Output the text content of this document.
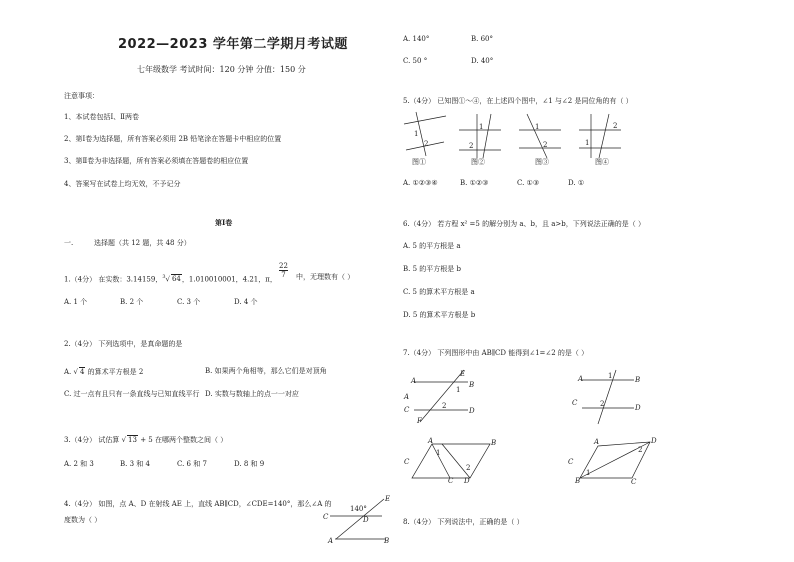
2022—2023 学年第二学期月考试题
七年级数学 考试时间：120 分钟 分值：150 分
注意事项：
1、本试卷包括Ⅰ、Ⅱ两卷
2、第Ⅰ卷为选择题，所有答案必须用 2B 铅笔涂在答题卡中相应的位置
3、第Ⅱ卷为非选择题，所有答案必须填在答题卷的相应位置
4、答案写在试卷上均无效，不予记分
第Ⅰ卷
一.	选择题（共 12 题，共 48 分）
1.（4分） 在实数：3.14159，$^3$√ 64，1.010010001，4.21，π，
$\frac{22}{7}$ 中，无理数有（ ）
A. 1 个	B. 2 个	C. 3 个	D. 4 个
2.（4分） 下列选项中，是真命题的是
A. √ 4 的算术平方根是 2	B. 如果两个角相等，那么它们是对顶角
C. 过一点有且只有一条直线与已知直线平行 D. 实数与数轴上的点一一对应
3.（4分） 试估算 √ 13 + 5 在哪两个整数之间（ ）
A. 2 和 3	B. 3 和 4	C. 6 和 7	D. 8 和 9
4.（4分） 如图，点 A、D 在射线 AE 上，直线 AB∥CD，∠CDE=140°，那么∠A 的
度数为（ ）	C	D
E
A	B
140°
A. 140°	B. 60°
C. 50 °	D. 40°
5.（4分） 已知图①～④，在上述四个图中，∠1 与∠2 是同位角的有（ ）
1
2
图①
1
2
图②
1
2
图③
2
1
图④
A. ①②③④	B. ①②③	C. ①③	D. ①
6.（4分） 若方程 x² =5 的解分别为 a、b，且 a>b，下列说法正确的是（ ）
A. 5 的平方根是 a
B. 5 的平方根是 b
C. 5 的算术平方根是 a
D. 5 的算术平方根是 b
7.（4分） 下列图形中由 AB∥CD 能得到∠1=∠2 的是（ ）
A	B
A
C	D
E
F
1
2
A	B
C
D
1
2
A	B
C
D
C
1
2
A	D
C
C
B
1
2
8.（4分） 下列说法中，正确的是（ ）
